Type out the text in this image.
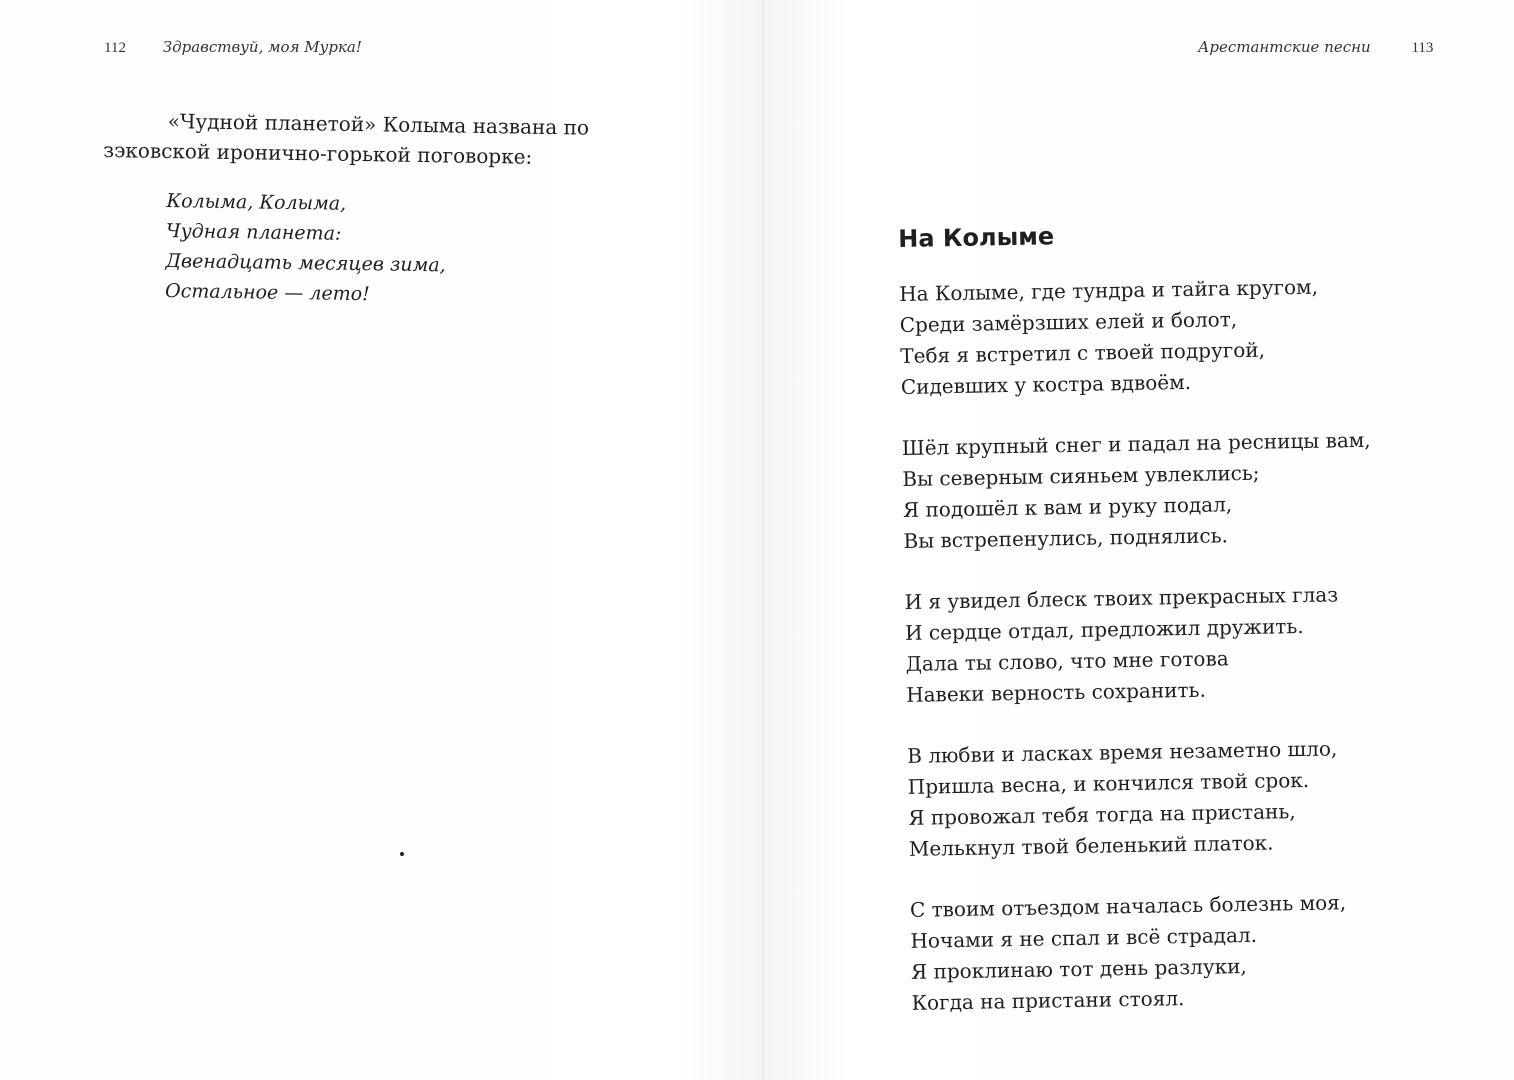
112 Здравствуй, моя Мурка!	Арестантские песни	113

«Чудной планетой» Колыма названа по зэковской иронично-горькой поговорке:

Колыма, Колыма,
Чудная планета:
Двенадцать месяцев зима,
Остальное — лето!
На Колыме
На Колыме, где тундра и тайга кругом,
Среди замёрзших елей и болот,
Тебя я встретил с твоей подругой,
Сидевших у костра вдвоём.
Шёл крупный снег и падал на ресницы вам,
Вы северным сияньем увлеклись;
Я подошёл к вам и руку подал,
Вы встрепенулись, поднялись.
И я увидел блеск твоих прекрасных глаз
И сердце отдал, предложил дружить.
Дала ты слово, что мне готова
Навеки верность сохранить.
В любви и ласках время незаметно шло,
Пришла весна, и кончился твой срок.
Я провожал тебя тогда на пристань,
Мелькнул твой беленький платок.
С твоим отъездом началась болезнь моя,
Ночами я не спал и всё страдал.
Я проклинаю тот день разлуки,
Когда на пристани стоял.
